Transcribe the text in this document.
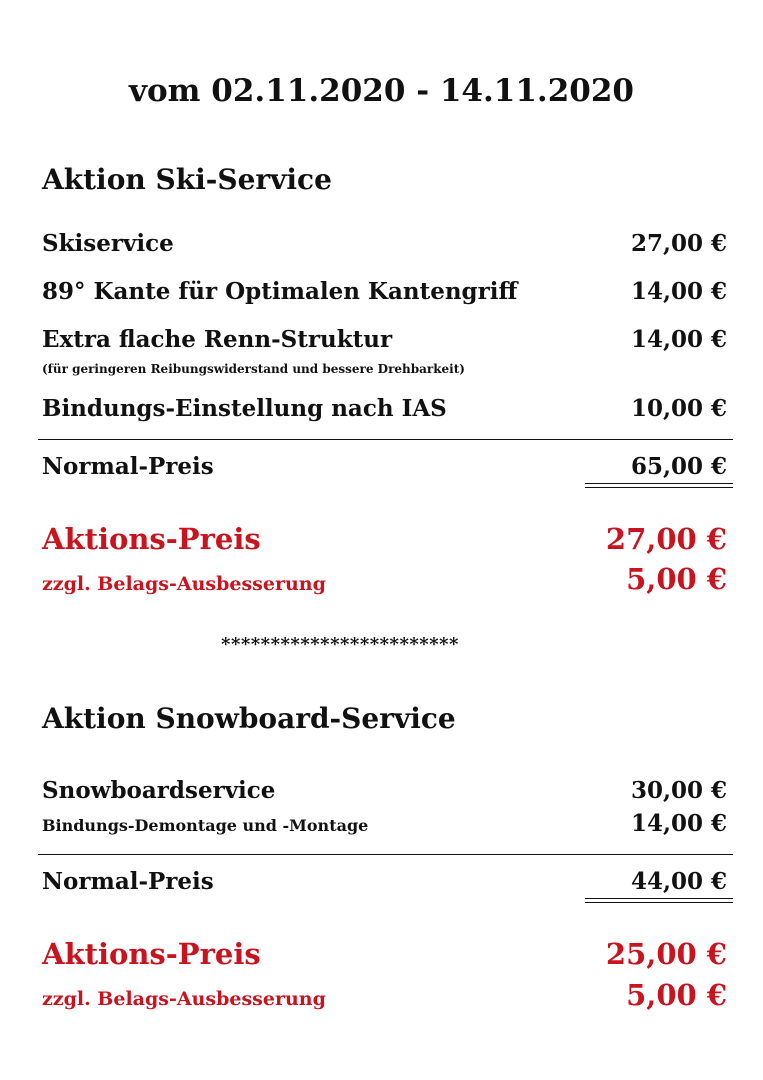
vom 02.11.2020 - 14.11.2020
Aktion Ski-Service
Skiservice	27,00 €
89° Kante für Optimalen Kantengriff	14,00 €
Extra flache Renn-Struktur	14,00 €
(für geringeren Reibungswiderstand und bessere Drehbarkeit)
Bindungs-Einstellung nach IAS	10,00 €
Normal-Preis	65,00 €
Aktions-Preis	27,00 €
zzgl. Belags-Ausbesserung	5,00 €
************************
Aktion Snowboard-Service
Snowboardservice	30,00 €
Bindungs-Demontage und -Montage	14,00 €
Normal-Preis	44,00 €
Aktions-Preis	25,00 €
zzgl. Belags-Ausbesserung	5,00 €
